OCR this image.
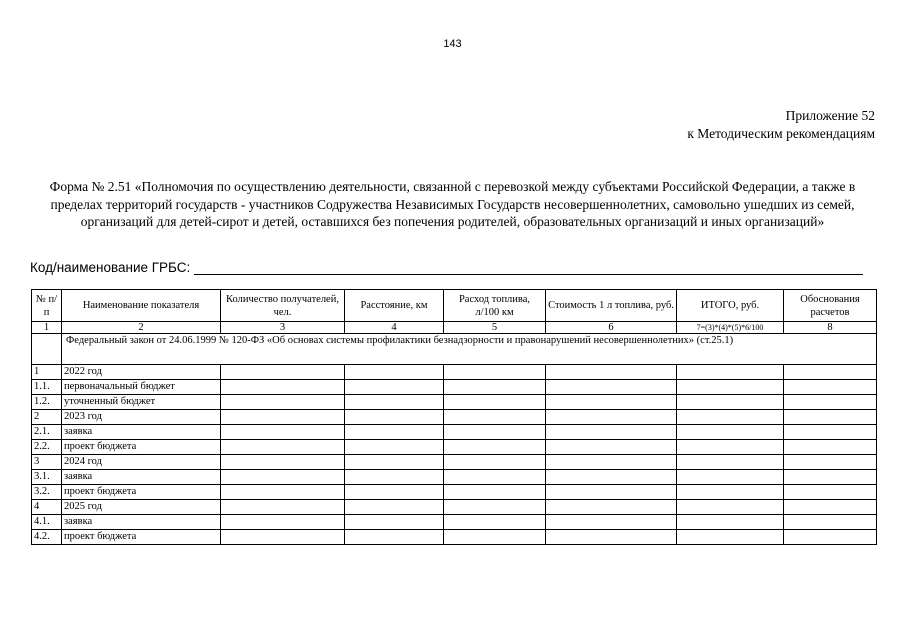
143
Приложение 52
к Методическим рекомендациям
Форма № 2.51 «Полномочия по осуществлению деятельности, связанной с перевозкой между субъектами Российской Федерации, а также в пределах территорий государств - участников Содружества Независимых Государств несовершеннолетних, самовольно ушедших из семей, организаций для детей-сирот и детей, оставшихся без попечения родителей, образовательных организаций и иных организаций»
Код/наименование ГРБС:
№ п/п	Наименование показателя	Количество получателей, чел.	Расстояние, км	Расход топлива, л/100 км	Стоимость 1 л топлива, руб.	ИТОГО, руб.	Обоснования расчетов
1	2	3	4	5	6	7=(3)*(4)*(5)*6/100	8
	Федеральный закон от 24.06.1999 № 120-ФЗ «Об основах системы профилактики безнадзорности и правонарушений несовершеннолетних» (ст.25.1)						
1	2022 год						
1.1.	первоначальный бюджет						
1.2.	уточненный бюджет						
2	2023 год						
2.1.	заявка						
2.2.	проект бюджета						
3	2024 год						
3.1.	заявка						
3.2.	проект бюджета						
4	2025 год						
4.1.	заявка						
4.2.	проект бюджета						
